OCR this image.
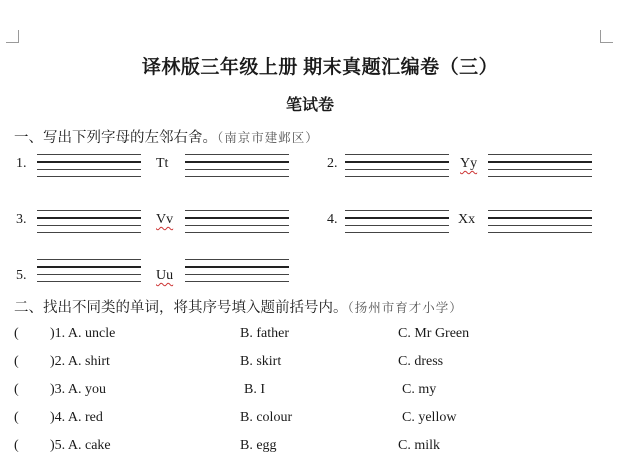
译林版三年级上册 期末真题汇编卷（三）
笔试卷
一、写出下列字母的左邻右舍。（南京市建邺区）
1.	Tt	2.	Yy
3.	Vv	4.	Xx
5.	Uu
二、找出不同类的单词，将其序号填入题前括号内。（扬州市育才小学）
( )1. A. uncle	B. father	C. Mr Green
( )2. A. shirt	B. skirt	C. dress
( )3. A. you	B. I	C. my
( )4. A. red	B. colour	C. yellow
( )5. A. cake	B. egg	C. milk
